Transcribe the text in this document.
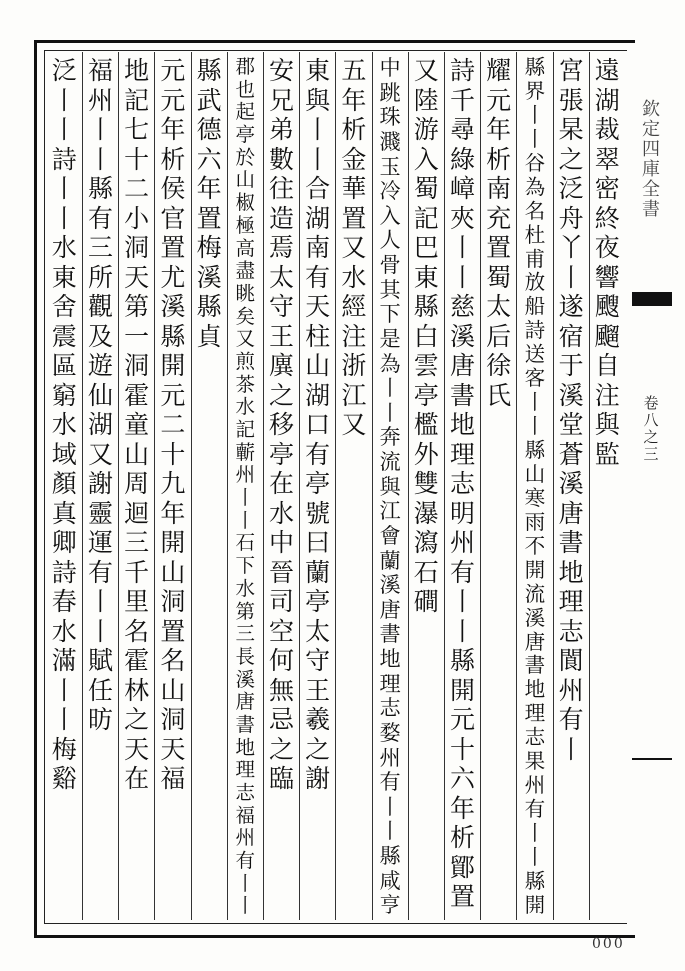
欽定四庫全書
卷八之三
000
遠
湖
裁
翠
密
終
夜
響
颼
飀
自
注
與
監
宮
張
杲
之
泛
舟
丫
丨
遂
宿
于
溪
堂
蒼
溪
唐
書
地
理
志
閬
州
有
丨
縣
界
丨
丨
谷
為
名
杜
甫
放
船
詩
送
客
丨
丨
縣
山
寒
雨
不
開
流
溪
唐
書
地
理
志
果
州
有
丨
丨
縣
開
耀
元
年
析
南
充
置
蜀
太
后
徐
氏
詩
千
尋
綠
嶂
夾
丨
丨
慈
溪
唐
書
地
理
志
明
州
有
丨
丨
縣
開
元
十
六
年
析
鄮
置
又
陸
游
入
蜀
記
巴
東
縣
白
雲
亭
檻
外
雙
瀑
瀉
石
磵
中
跳
珠
濺
玉
冷
入
人
骨
其
下
是
為
丨
丨
奔
流
與
江
會
蘭
溪
唐
書
地
理
志
婺
州
有
丨
丨
縣
咸
亨
五
年
析
金
華
置
又
水
經
注
浙
江
又
東
與
丨
丨
合
湖
南
有
天
柱
山
湖
口
有
亭
號
曰
蘭
亭
太
守
王
羲
之
謝
安
兄
弟
數
往
造
焉
太
守
王
廙
之
移
亭
在
水
中
晉
司
空
何
無
忌
之
臨
郡
也
起
亭
於
山
椒
極
高
盡
眺
矣
又
煎
茶
水
記
蘄
州
丨
丨
石
下
水
第
三
長
溪
唐
書
地
理
志
福
州
有
丨
丨
縣
武
德
六
年
置
梅
溪
縣
貞
元
元
年
析
侯
官
置
尤
溪
縣
開
元
二
十
九
年
開
山
洞
置
名
山
洞
天
福
地
記
七
十
二
小
洞
天
第
一
洞
霍
童
山
周
迴
三
千
里
名
霍
林
之
天
在
福
州
丨
丨
縣
有
三
所
觀
及
遊
仙
湖
又
謝
靈
運
有
丨
丨
賦
任
昉
泛
丨
丨
詩
丨
丨
水
東
舍
震
區
窮
水
域
顏
真
卿
詩
春
水
滿
丨
丨
梅
谿
